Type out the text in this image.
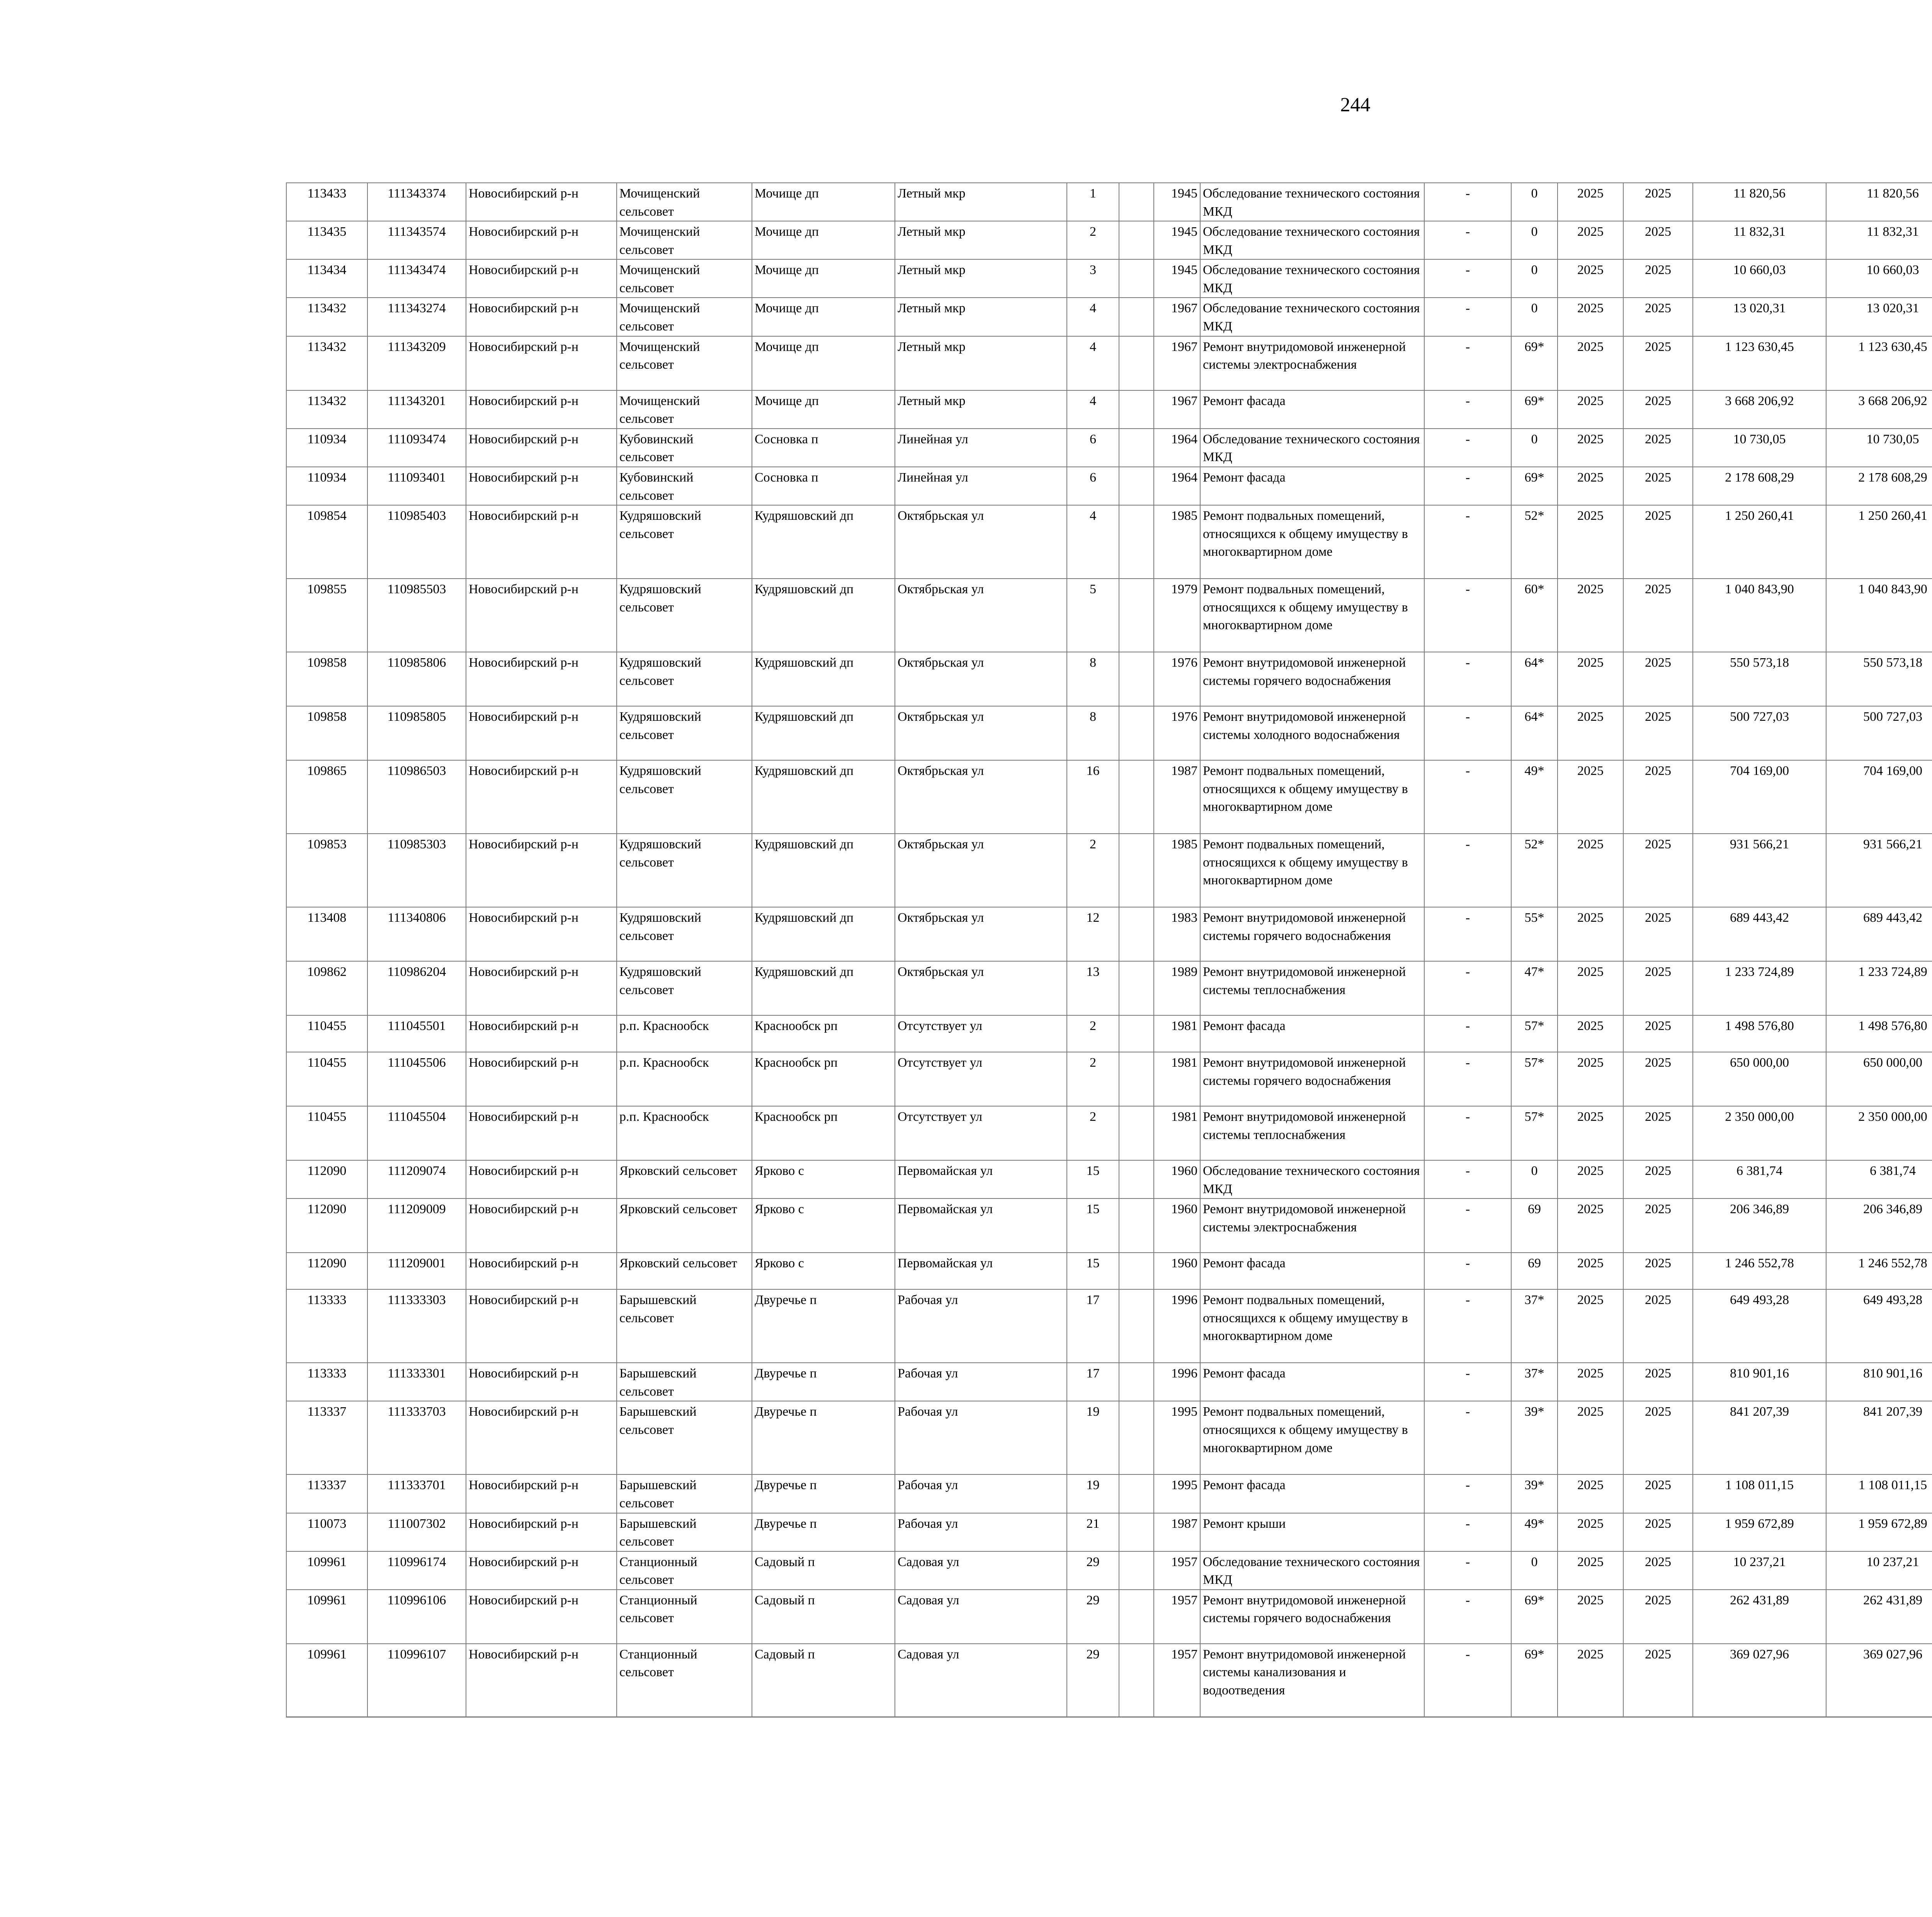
244
113433	111343374	Новосибирский р-н	Мочищенский сельсовет	Мочище дп	Летный мкр	1		1945	Обследование технического состояния МКД	-	0	2025	2025	11 820,56	11 820,56						
113435	111343574	Новосибирский р-н	Мочищенский сельсовет	Мочище дп	Летный мкр	2		1945	Обследование технического состояния МКД	-	0	2025	2025	11 832,31	11 832,31						
113434	111343474	Новосибирский р-н	Мочищенский сельсовет	Мочище дп	Летный мкр	3		1945	Обследование технического состояния МКД	-	0	2025	2025	10 660,03	10 660,03						
113432	111343274	Новосибирский р-н	Мочищенский сельсовет	Мочище дп	Летный мкр	4		1967	Обследование технического состояния МКД	-	0	2025	2025	13 020,31	13 020,31						
113432	111343209	Новосибирский р-н	Мочищенский сельсовет	Мочище дп	Летный мкр	4		1967	Ремонт внутридомовой инженерной системы электроснабжения	-	69*	2025	2025	1 123 630,45	1 123 630,45						
113432	111343201	Новосибирский р-н	Мочищенский сельсовет	Мочище дп	Летный мкр	4		1967	Ремонт фасада	-	69*	2025	2025	3 668 206,92	3 668 206,92						
110934	111093474	Новосибирский р-н	Кубовинский сельсовет	Сосновка п	Линейная ул	6		1964	Обследование технического состояния МКД	-	0	2025	2025	10 730,05	10 730,05						
110934	111093401	Новосибирский р-н	Кубовинский сельсовет	Сосновка п	Линейная ул	6		1964	Ремонт фасада	-	69*	2025	2025	2 178 608,29	2 178 608,29						
109854	110985403	Новосибирский р-н	Кудряшовский сельсовет	Кудряшовский дп	Октябрьская ул	4		1985	Ремонт подвальных помещений, относящихся к общему имуществу в многоквартирном доме	-	52*	2025	2025	1 250 260,41	1 250 260,41						
109855	110985503	Новосибирский р-н	Кудряшовский сельсовет	Кудряшовский дп	Октябрьская ул	5		1979	Ремонт подвальных помещений, относящихся к общему имуществу в многоквартирном доме	-	60*	2025	2025	1 040 843,90	1 040 843,90						
109858	110985806	Новосибирский р-н	Кудряшовский сельсовет	Кудряшовский дп	Октябрьская ул	8		1976	Ремонт внутридомовой инженерной системы горячего водоснабжения	-	64*	2025	2025	550 573,18	550 573,18						
109858	110985805	Новосибирский р-н	Кудряшовский сельсовет	Кудряшовский дп	Октябрьская ул	8		1976	Ремонт внутридомовой инженерной системы холодного водоснабжения	-	64*	2025	2025	500 727,03	500 727,03						
109865	110986503	Новосибирский р-н	Кудряшовский сельсовет	Кудряшовский дп	Октябрьская ул	16		1987	Ремонт подвальных помещений, относящихся к общему имуществу в многоквартирном доме	-	49*	2025	2025	704 169,00	704 169,00						
109853	110985303	Новосибирский р-н	Кудряшовский сельсовет	Кудряшовский дп	Октябрьская ул	2		1985	Ремонт подвальных помещений, относящихся к общему имуществу в многоквартирном доме	-	52*	2025	2025	931 566,21	931 566,21						
113408	111340806	Новосибирский р-н	Кудряшовский сельсовет	Кудряшовский дп	Октябрьская ул	12		1983	Ремонт внутридомовой инженерной системы горячего водоснабжения	-	55*	2025	2025	689 443,42	689 443,42						
109862	110986204	Новосибирский р-н	Кудряшовский сельсовет	Кудряшовский дп	Октябрьская ул	13		1989	Ремонт внутридомовой инженерной системы теплоснабжения	-	47*	2025	2025	1 233 724,89	1 233 724,89						
110455	111045501	Новосибирский р-н	р.п. Краснообск	Краснообск рп	Отсутствует ул	2		1981	Ремонт фасада	-	57*	2025	2025	1 498 576,80	1 498 576,80						
110455	111045506	Новосибирский р-н	р.п. Краснообск	Краснообск рп	Отсутствует ул	2		1981	Ремонт внутридомовой инженерной системы горячего водоснабжения	-	57*	2025	2025	650 000,00	650 000,00						
110455	111045504	Новосибирский р-н	р.п. Краснообск	Краснообск рп	Отсутствует ул	2		1981	Ремонт внутридомовой инженерной системы теплоснабжения	-	57*	2025	2025	2 350 000,00	2 350 000,00						
112090	111209074	Новосибирский р-н	Ярковский сельсовет	Ярково с	Первомайская ул	15		1960	Обследование технического состояния МКД	-	0	2025	2025	6 381,74	6 381,74						
112090	111209009	Новосибирский р-н	Ярковский сельсовет	Ярково с	Первомайская ул	15		1960	Ремонт внутридомовой инженерной системы электроснабжения	-	69	2025	2025	206 346,89	206 346,89						
112090	111209001	Новосибирский р-н	Ярковский сельсовет	Ярково с	Первомайская ул	15		1960	Ремонт фасада	-	69	2025	2025	1 246 552,78	1 246 552,78						
113333	111333303	Новосибирский р-н	Барышевский сельсовет	Двуречье п	Рабочая ул	17		1996	Ремонт подвальных помещений, относящихся к общему имуществу в многоквартирном доме	-	37*	2025	2025	649 493,28	649 493,28						
113333	111333301	Новосибирский р-н	Барышевский сельсовет	Двуречье п	Рабочая ул	17		1996	Ремонт фасада	-	37*	2025	2025	810 901,16	810 901,16						
113337	111333703	Новосибирский р-н	Барышевский сельсовет	Двуречье п	Рабочая ул	19		1995	Ремонт подвальных помещений, относящихся к общему имуществу в многоквартирном доме	-	39*	2025	2025	841 207,39	841 207,39						
113337	111333701	Новосибирский р-н	Барышевский сельсовет	Двуречье п	Рабочая ул	19		1995	Ремонт фасада	-	39*	2025	2025	1 108 011,15	1 108 011,15						
110073	111007302	Новосибирский р-н	Барышевский сельсовет	Двуречье п	Рабочая ул	21		1987	Ремонт крыши	-	49*	2025	2025	1 959 672,89	1 959 672,89						
109961	110996174	Новосибирский р-н	Станционный сельсовет	Садовый п	Садовая ул	29		1957	Обследование технического состояния МКД	-	0	2025	2025	10 237,21	10 237,21						
109961	110996106	Новосибирский р-н	Станционный сельсовет	Садовый п	Садовая ул	29		1957	Ремонт внутридомовой инженерной системы горячего водоснабжения	-	69*	2025	2025	262 431,89	262 431,89						
109961	110996107	Новосибирский р-н	Станционный сельсовет	Садовый п	Садовая ул	29		1957	Ремонт внутридомовой инженерной системы канализования и водоотведения	-	69*	2025	2025	369 027,96	369 027,96						
